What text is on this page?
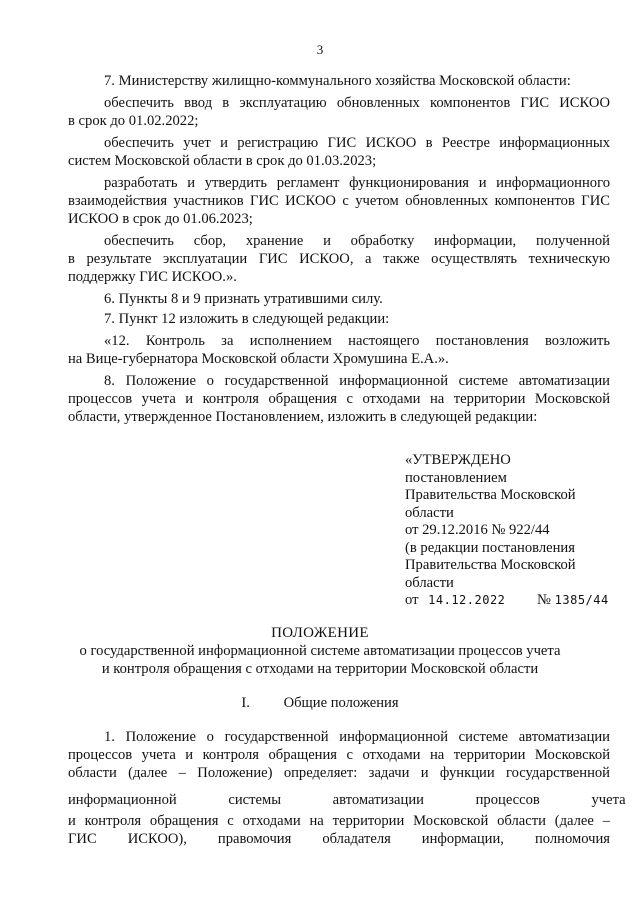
3
7. Министерству жилищно-коммунального хозяйства Московской области:
обеспечить ввод в эксплуатацию обновленных компонентов ГИС ИСКОО
в срок до 01.02.2022;
обеспечить учет и регистрацию ГИС ИСКОО в Реестре информационных
систем Московской области в срок до 01.03.2023;
разработать и утвердить регламент функционирования и информационного
взаимодействия участников ГИС ИСКОО с учетом обновленных компонентов ГИС
ИСКОО в срок до 01.06.2023;
обеспечить сбор, хранение и обработку информации, полученной
в результате эксплуатации ГИС ИСКОО, а также осуществлять техническую
поддержку ГИС ИСКОО.».
6. Пункты 8 и 9 признать утратившими силу.
7. Пункт 12 изложить в следующей редакции:
«12. Контроль за исполнением настоящего постановления возложить
на Вице-губернатора Московской области Хромушина Е.А.».
8. Положение о государственной информационной системе автоматизации
процессов учета и контроля обращения с отходами на территории Московской
области, утвержденное Постановлением, изложить в следующей редакции:
«УТВЕРЖДЕНО
постановлением
Правительства Московской
области
от 29.12.2016 № 922/44
(в редакции постановления
Правительства Московской
области
от 14.12.2022 № 1385/44
ПОЛОЖЕНИЕ
о государственной информационной системе автоматизации процессов учета
и контроля обращения с отходами на территории Московской области
I. Общие положения
1. Положение о государственной информационной системе автоматизации
процессов учета и контроля обращения с отходами на территории Московской
области (далее – Положение) определяет: задачи и функции государственной
информационной системы автоматизации процессов учета
и контроля обращения с отходами на территории Московской области (далее –
ГИС ИСКОО), правомочия обладателя информации, полномочия
